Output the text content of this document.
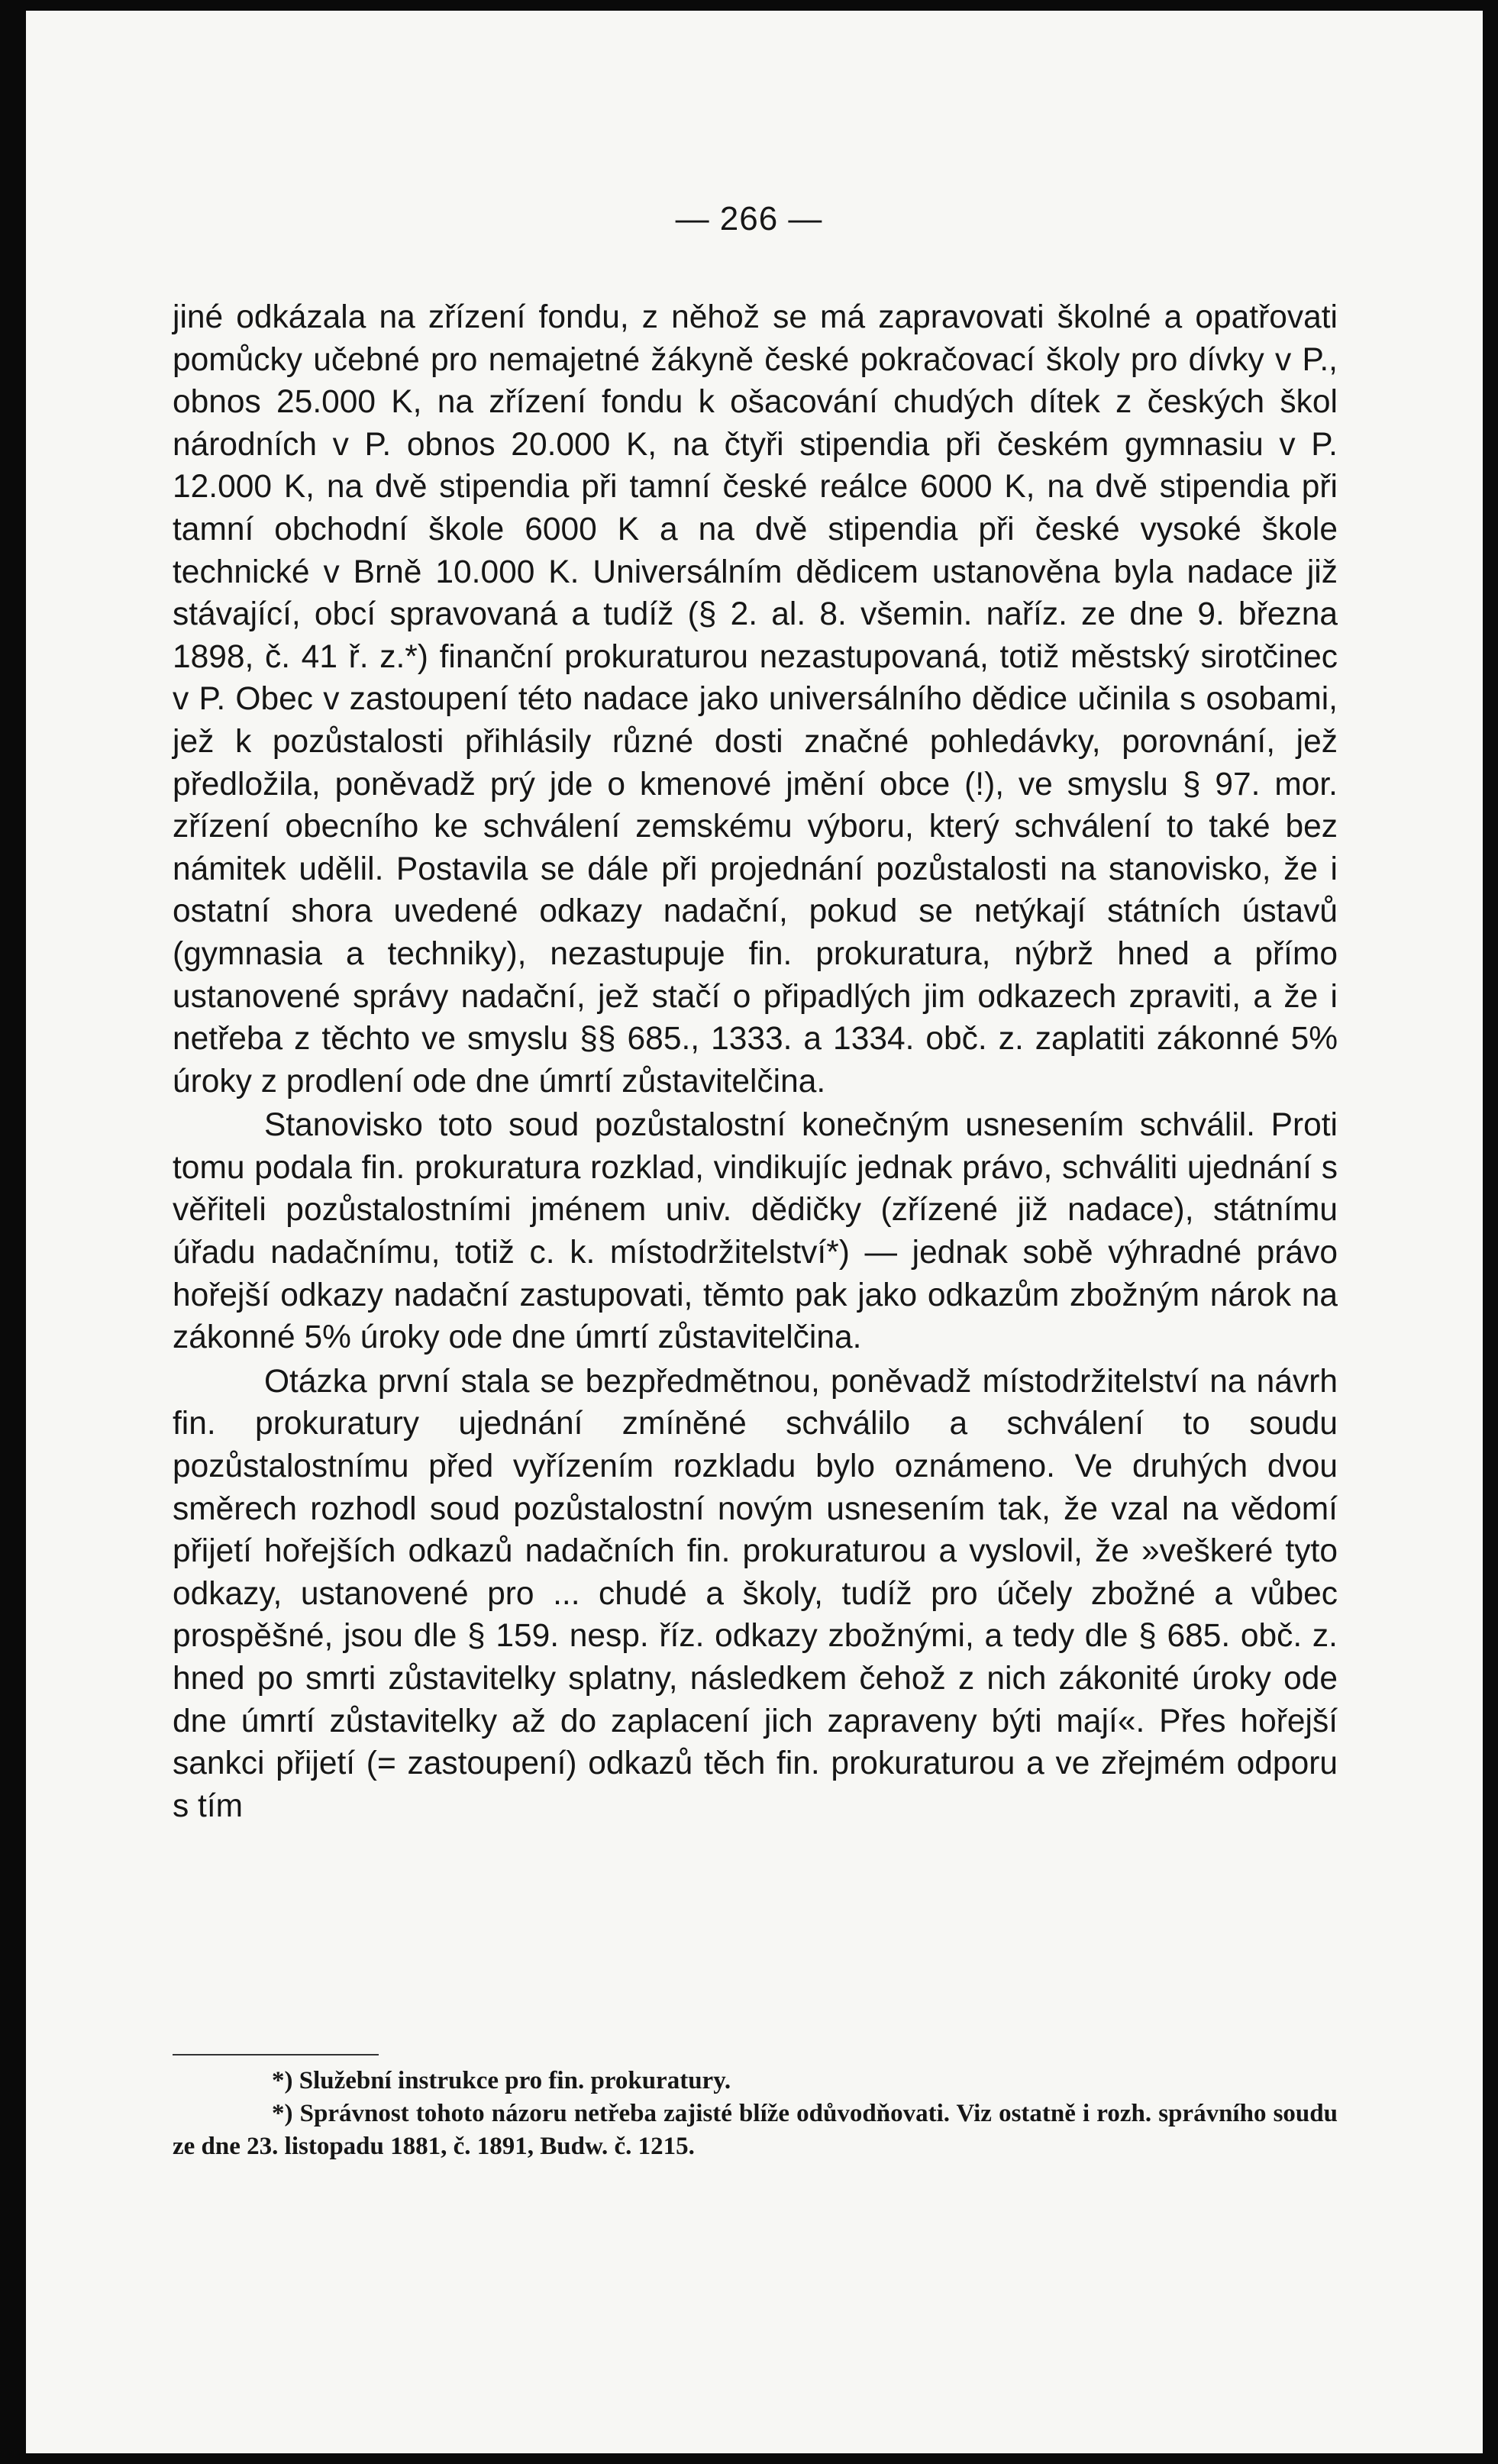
— 266 —

jiné odkázala na zřízení fondu, z něhož se má zapravovati školné a opatřovati pomůcky učebné pro nemajetné žákyně české pokračovací školy pro dívky v P., obnos 25.000 K, na zřízení fondu k ošacování chudých dítek z českých škol národních v P. obnos 20.000 K, na čtyři stipendia při českém gymnasiu v P. 12.000 K, na dvě stipendia při tamní české reálce 6000 K, na dvě stipendia při tamní obchodní škole 6000 K a na dvě stipendia při české vysoké škole technické v Brně 10.000 K. Universálním dědicem ustanověna byla nadace již stávající, obcí spravovaná a tudíž (§ 2. al. 8. všemin. naříz. ze dne 9. března 1898, č. 41 ř. z.*) finanční prokuraturou nezastupovaná, totiž městský sirotčinec v P. Obec v zastoupení této nadace jako universálního dědice učinila s osobami, jež k pozůstalosti přihlásily různé dosti značné pohledávky, porovnání, jež předložila, poněvadž prý jde o kmenové jmění obce (!), ve smyslu § 97. mor. zřízení obecního ke schválení zemskému výboru, který schválení to také bez námitek udělil. Postavila se dále při projednání pozůstalosti na stanovisko, že i ostatní shora uvedené odkazy nadační, pokud se netýkají státních ústavů (gymnasia a techniky), nezastupuje fin. prokuratura, nýbrž hned a přímo ustanovené správy nadační, jež stačí o připadlých jim odkazech zpraviti, a že i netřeba z těchto ve smyslu §§ 685., 1333. a 1334. obč. z. zaplatiti zákonné 5% úroky z prodlení ode dne úmrtí zůstavitelčina.

Stanovisko toto soud pozůstalostní konečným usnesením schválil. Proti tomu podala fin. prokuratura rozklad, vindikujíc jednak právo, schváliti ujednání s věřiteli pozůstalostními jménem univ. dědičky (zřízené již nadace), státnímu úřadu nadačnímu, totiž c. k. místodržitelství*) — jednak sobě výhradné právo hořejší odkazy nadační zastupovati, těmto pak jako odkazům zbožným nárok na zákonné 5% úroky ode dne úmrtí zůstavitelčina.

Otázka první stala se bezpředmětnou, poněvadž místodržitelství na návrh fin. prokuratury ujednání zmíněné schválilo a schválení to soudu pozůstalostnímu před vyřízením rozkladu bylo oznámeno. Ve druhých dvou směrech rozhodl soud pozůstalostní novým usnesením tak, že vzal na vědomí přijetí hořejších odkazů nadačních fin. prokuraturou a vyslovil, že »veškeré tyto odkazy, ustanovené pro ... chudé a školy, tudíž pro účely zbožné a vůbec prospěšné, jsou dle § 159. nesp. říz. odkazy zbožnými, a tedy dle § 685. obč. z. hned po smrti zůstavitelky splatny, následkem čehož z nich zákonité úroky ode dne úmrtí zůstavitelky až do zaplacení jich zapraveny býti mají«. Přes hořejší sankci přijetí (= zastoupení) odkazů těch fin. prokuraturou a ve zřejmém odporu s tím

*) Služební instrukce pro fin. prokuratury.

*) Správnost tohoto názoru netřeba zajisté blíže odůvodňovati. Viz ostatně i rozh. správního soudu ze dne 23. listopadu 1881, č. 1891, Budw. č. 1215.
